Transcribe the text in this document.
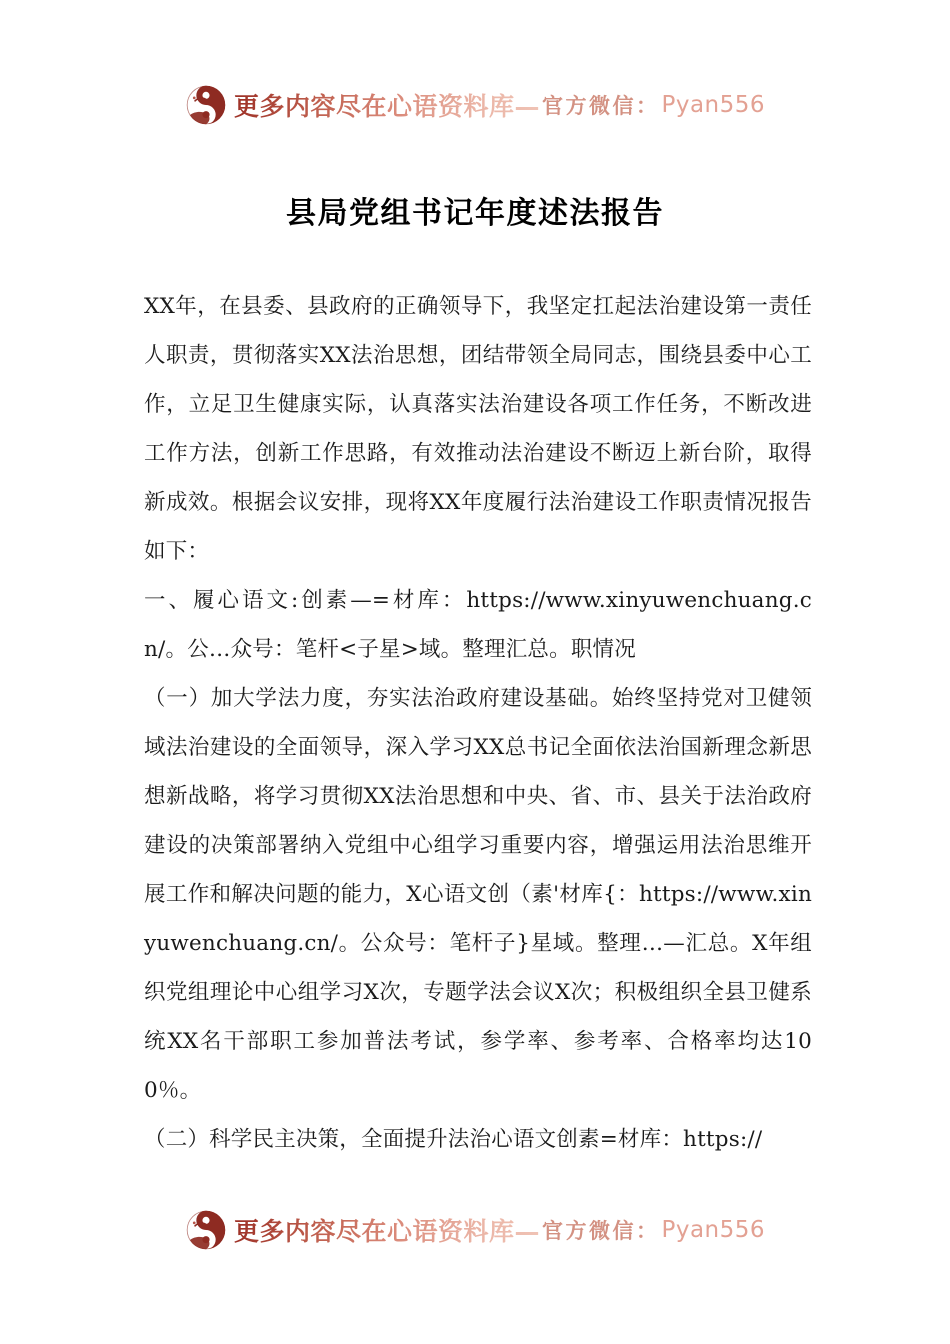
更多内容尽在心语资料库— 官方微信： Pyan556
县局党组书记年度述法报告

XX年，在县委、县政府的正确领导下，我坚定扛起法治建设第一责任人职责，贯彻落实XX法治思想，团结带领全局同志，围绕县委中心工作，立足卫生健康实际，认真落实法治建设各项工作任务，不断改进工作方法，创新工作思路，有效推动法治建设不断迈上新台阶，取得新成效。根据会议安排，现将XX年度履行法治建设工作职责情况报告如下：

一、履心语文:创素—=材库：https://www.xinyuwenchuang.cn/。公…众号：笔杆<子星>域。整理汇总。职情况

（一）加大学法力度，夯实法治政府建设基础。始终坚持党对卫健领域法治建设的全面领导，深入学习XX总书记全面依法治国新理念新思想新战略，将学习贯彻XX法治思想和中央、省、市、县关于法治政府建设的决策部署纳入党组中心组学习重要内容，增强运用法治思维开展工作和解决问题的能力，X心语文创（素'材库{：https://www.xinyuwenchuang.cn/。公众号：笔杆子}星域。整理…—汇总。X年组织党组理论中心组学习X次，专题学法会议X次；积极组织全县卫健系统XX名干部职工参加普法考试，参学率、参考率、合格率均达100％。

（二）科学民主决策，全面提升法治心语文创素=材库：https://

更多内容尽在心语资料库— 官方微信： Pyan556
